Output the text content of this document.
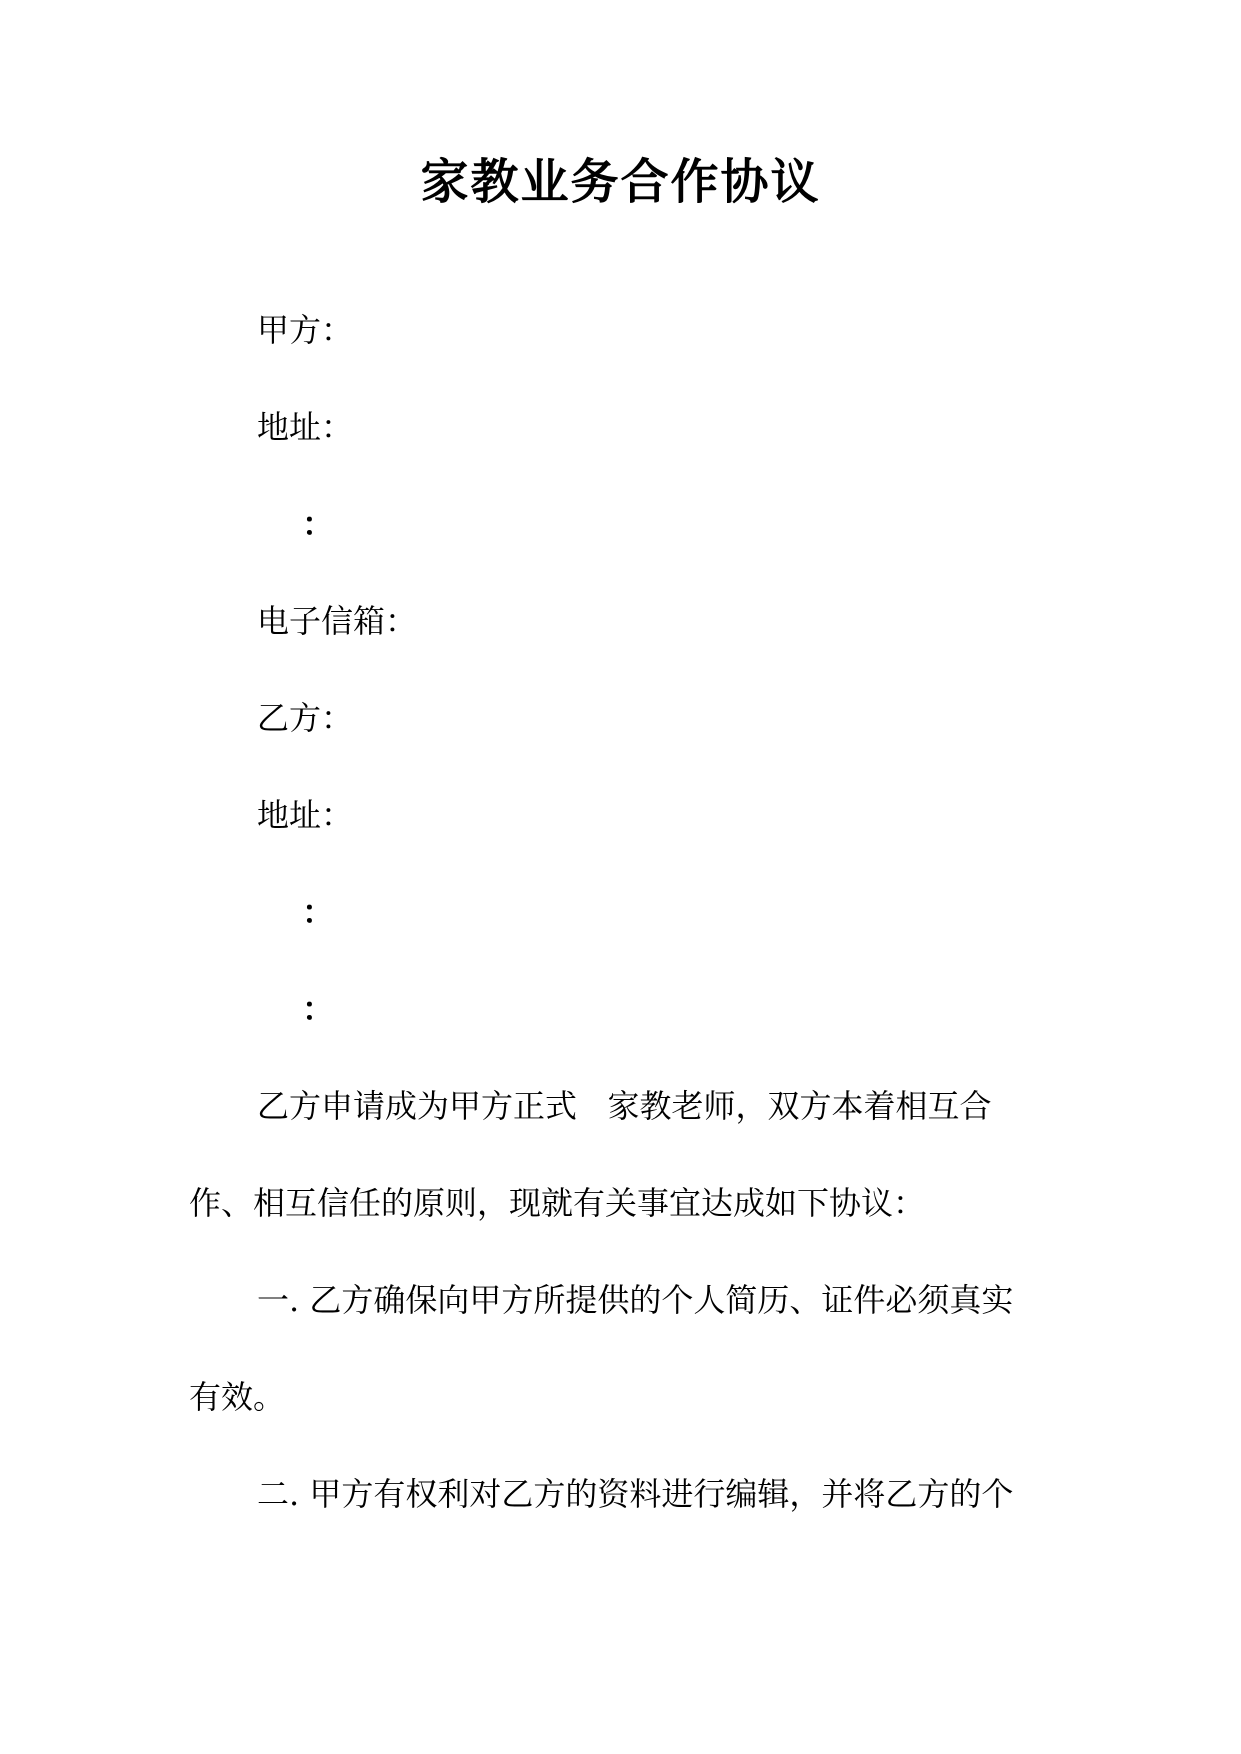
家教业务合作协议
甲方：
地址：
：
电子信箱：
乙方：
地址：
：
：
乙方申请成为甲方正式   家教老师，双方本着相互合
作、相互信任的原则，现就有关事宜达成如下协议：
一. 乙方确保向甲方所提供的个人简历、证件必须真实
有效。
二. 甲方有权利对乙方的资料进行编辑，并将乙方的个
